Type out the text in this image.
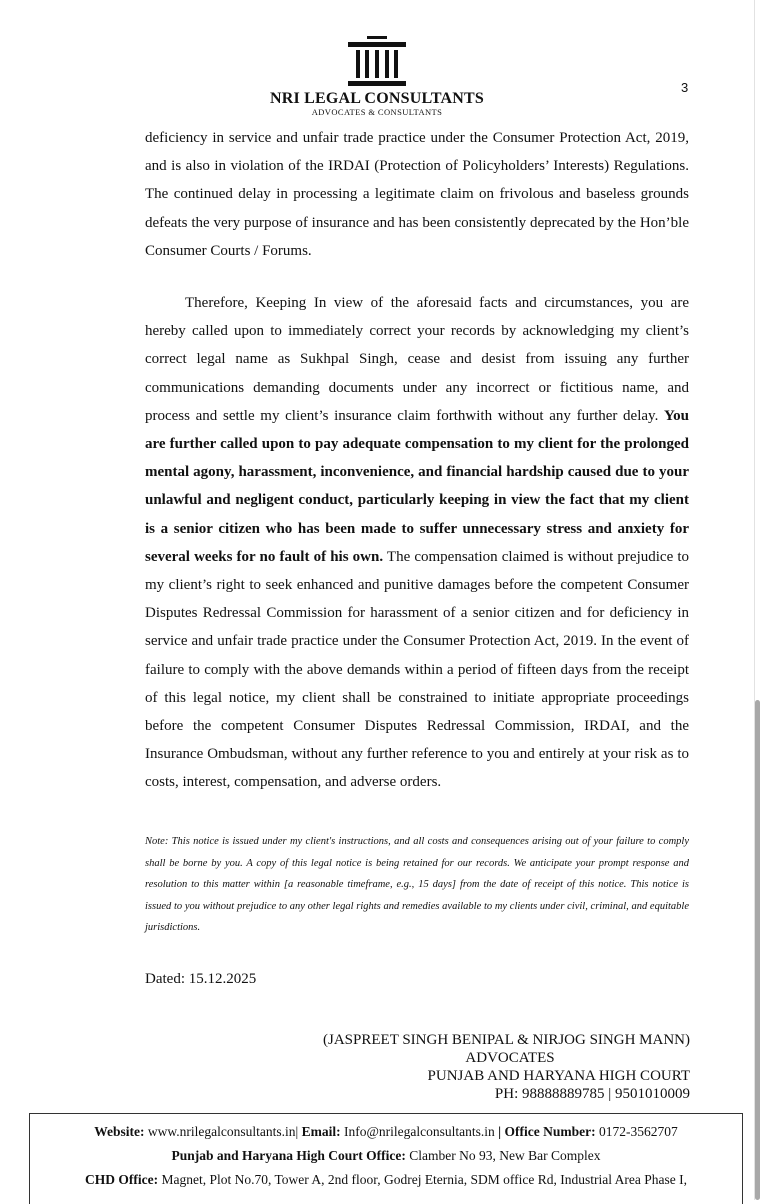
NRI LEGAL CONSULTANTS
ADVOCATES & CONSULTANTS
3

deficiency in service and unfair trade practice under the Consumer Protection Act, 2019, and is also in violation of the IRDAI (Protection of Policyholders’ Interests) Regulations. The continued delay in processing a legitimate claim on frivolous and baseless grounds defeats the very purpose of insurance and has been consistently deprecated by the Hon’ble Consumer Courts / Forums.

Therefore, Keeping In view of the aforesaid facts and circumstances, you are hereby called upon to immediately correct your records by acknowledging my client’s correct legal name as Sukhpal Singh, cease and desist from issuing any further communications demanding documents under any incorrect or fictitious name, and process and settle my client’s insurance claim forthwith without any further delay. You are further called upon to pay adequate compensation to my client for the prolonged mental agony, harassment, inconvenience, and financial hardship caused due to your unlawful and negligent conduct, particularly keeping in view the fact that my client is a senior citizen who has been made to suffer unnecessary stress and anxiety for several weeks for no fault of his own. The compensation claimed is without prejudice to my client’s right to seek enhanced and punitive damages before the competent Consumer Disputes Redressal Commission for harassment of a senior citizen and for deficiency in service and unfair trade practice under the Consumer Protection Act, 2019. In the event of failure to comply with the above demands within a period of fifteen days from the receipt of this legal notice, my client shall be constrained to initiate appropriate proceedings before the competent Consumer Disputes Redressal Commission, IRDAI, and the Insurance Ombudsman, without any further reference to you and entirely at your risk as to costs, interest, compensation, and adverse orders.

Note: This notice is issued under my client's instructions, and all costs and consequences arising out of your failure to comply shall be borne by you. A copy of this legal notice is being retained for our records. We anticipate your prompt response and resolution to this matter within [a reasonable timeframe, e.g., 15 days] from the date of receipt of this notice. This notice is issued to you without prejudice to any other legal rights and remedies available to my clients under civil, criminal, and equitable jurisdictions.

Dated: 15.12.2025
(JASPREET SINGH BENIPAL & NIRJOG SINGH MANN)
ADVOCATES
PUNJAB AND HARYANA HIGH COURT
PH: 98888889785 | 9501010009
Website: www.nrilegalconsultants.in| Email: Info@nrilegalconsultants.in | Office Number: 0172-3562707
Punjab and Haryana High Court Office: Clamber No 93, New Bar Complex
CHD Office: Magnet, Plot No.70, Tower A, 2nd floor, Godrej Eternia, SDM office Rd, Industrial Area Phase I,
